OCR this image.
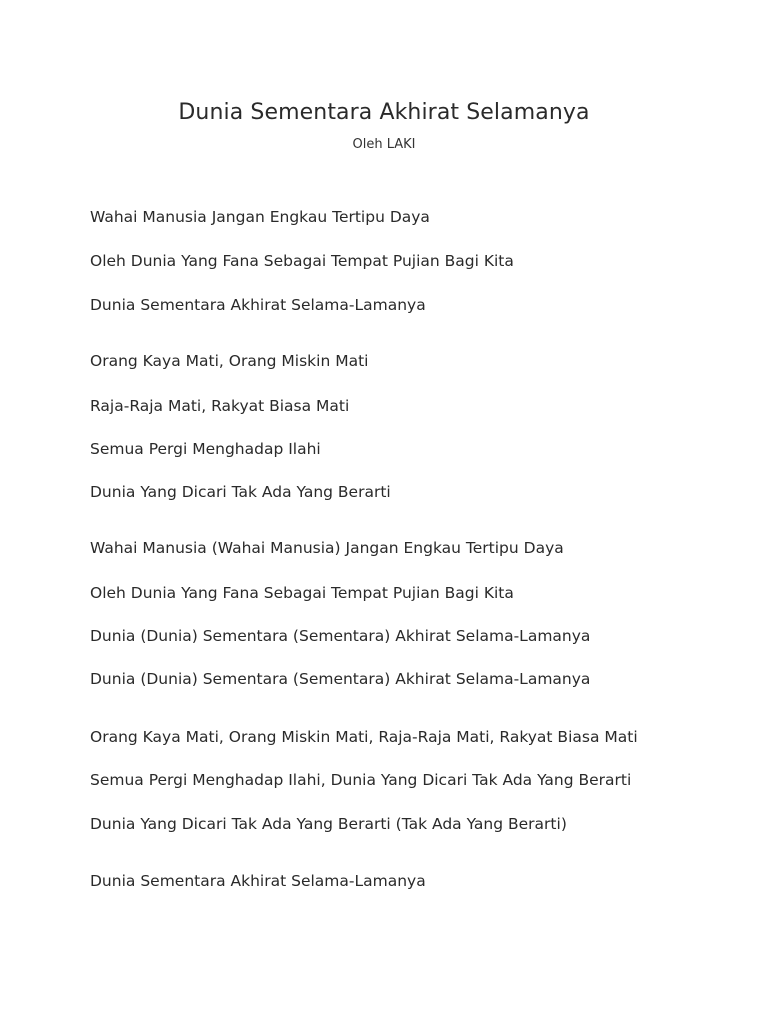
Dunia Sementara Akhirat Selamanya
Oleh LAKI
Wahai Manusia Jangan Engkau Tertipu Daya
Oleh Dunia Yang Fana Sebagai Tempat Pujian Bagi Kita
Dunia Sementara Akhirat Selama-Lamanya
Orang Kaya Mati, Orang Miskin Mati
Raja-Raja Mati, Rakyat Biasa Mati
Semua Pergi Menghadap Ilahi
Dunia Yang Dicari Tak Ada Yang Berarti
Wahai Manusia (Wahai Manusia) Jangan Engkau Tertipu Daya
Oleh Dunia Yang Fana Sebagai Tempat Pujian Bagi Kita
Dunia (Dunia) Sementara (Sementara) Akhirat Selama-Lamanya
Dunia (Dunia) Sementara (Sementara) Akhirat Selama-Lamanya
Orang Kaya Mati, Orang Miskin Mati, Raja-Raja Mati, Rakyat Biasa Mati
Semua Pergi Menghadap Ilahi, Dunia Yang Dicari Tak Ada Yang Berarti
Dunia Yang Dicari Tak Ada Yang Berarti (Tak Ada Yang Berarti)
Dunia Sementara Akhirat Selama-Lamanya
